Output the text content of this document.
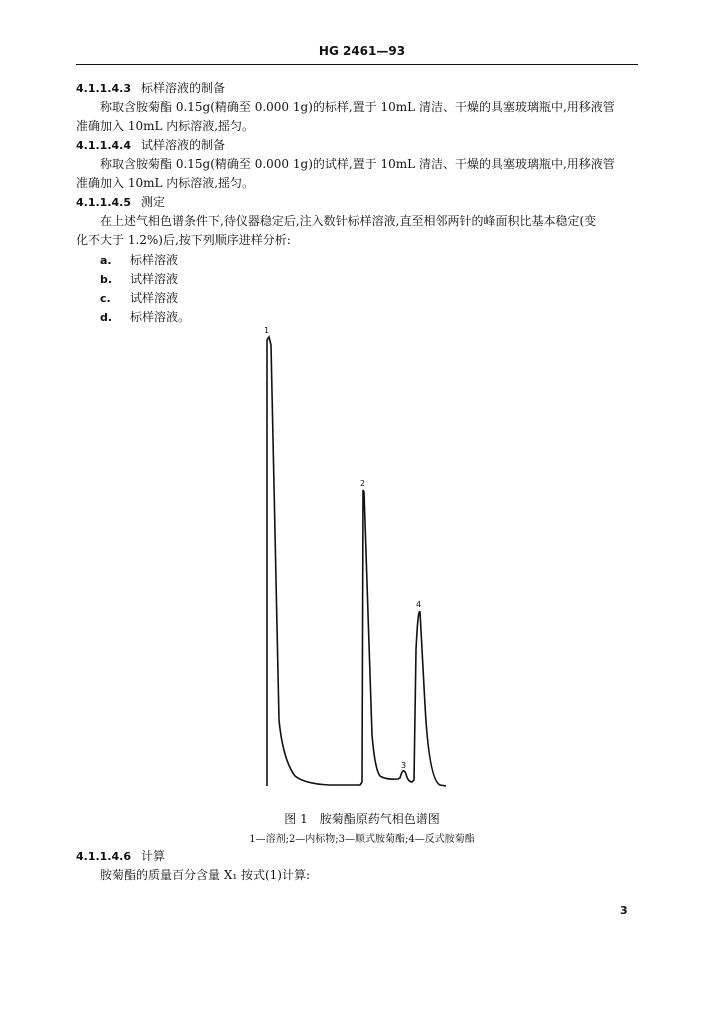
HG 2461—93
4.1.1.4.3 标样溶液的制备
称取含胺菊酯 0.15g(精确至 0.000 1g)的标样,置于 10mL 清洁、干燥的具塞玻璃瓶中,用移液管
准确加入 10mL 内标溶液,摇匀。
4.1.1.4.4 试样溶液的制备
称取含胺菊酯 0.15g(精确至 0.000 1g)的试样,置于 10mL 清洁、干燥的具塞玻璃瓶中,用移液管
准确加入 10mL 内标溶液,摇匀。
4.1.1.4.5 测定
在上述气相色谱条件下,待仪器稳定后,注入数针标样溶液,直至相邻两针的峰面积比基本稳定(变
化不大于 1.2%)后,按下列顺序进样分析:
a. 标样溶液
b. 试样溶液
c. 试样溶液
d. 标样溶液。
1
2
3
4
图 1　胺菊酯原药气相色谱图
1—溶剂;2—内标物;3—顺式胺菊酯;4—反式胺菊酯
4.1.1.4.6 计算
胺菊酯的质量百分含量 X₁ 按式(1)计算:
3
